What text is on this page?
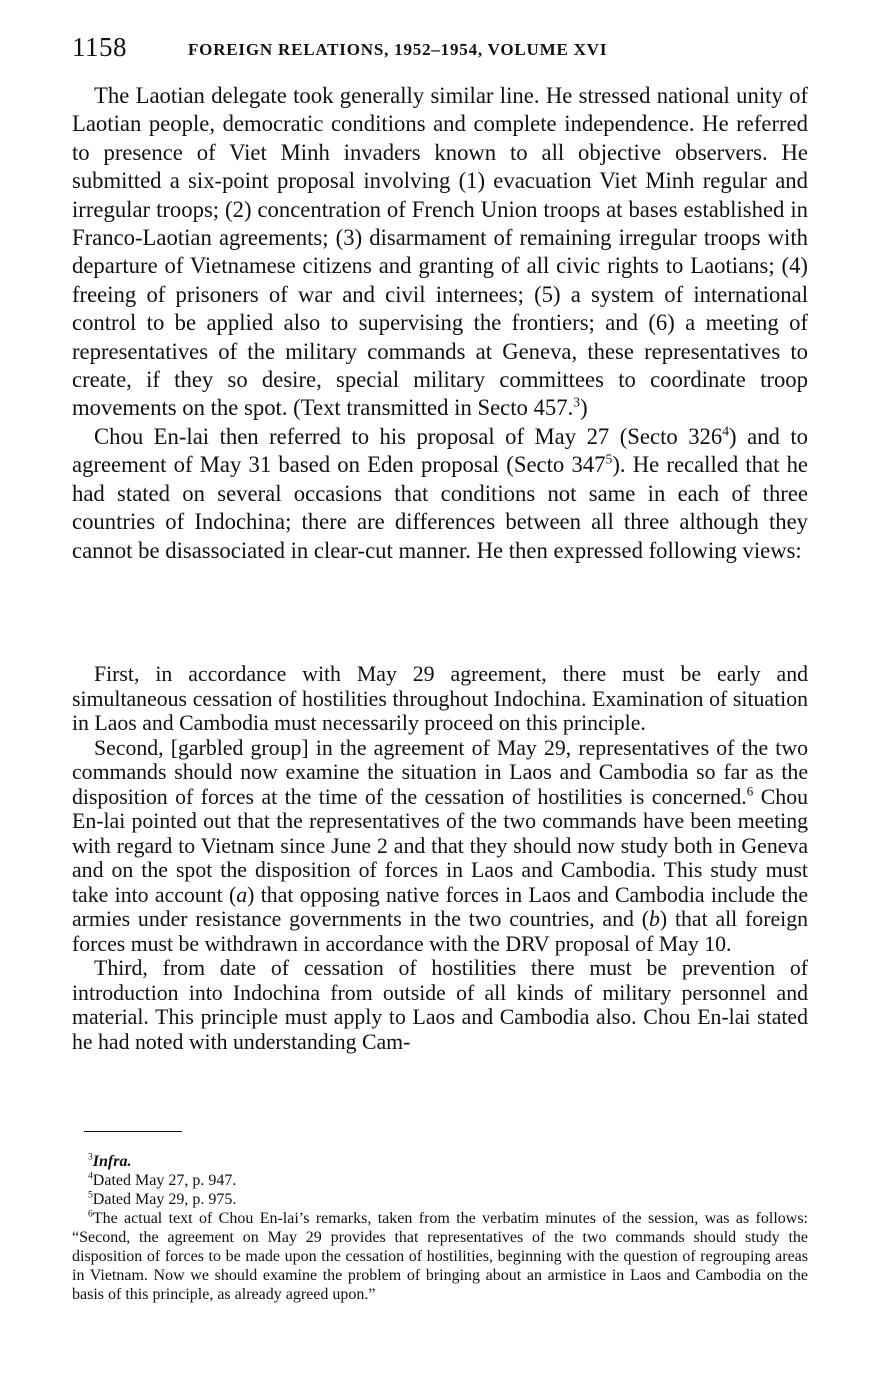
1158	FOREIGN RELATIONS, 1952–1954, VOLUME XVI

The Laotian delegate took generally similar line. He stressed national unity of Laotian people, democratic conditions and complete independence. He referred to presence of Viet Minh invaders known to all objective observers. He submitted a six-point proposal involving (1) evacuation Viet Minh regular and irregular troops; (2) concentration of French Union troops at bases established in Franco-Laotian agreements; (3) disarmament of remaining irregular troops with departure of Vietnamese citizens and granting of all civic rights to Laotians; (4) freeing of prisoners of war and civil internees; (5) a system of international control to be applied also to supervising the frontiers; and (6) a meeting of representatives of the military commands at Geneva, these representatives to create, if they so desire, special military committees to coordinate troop movements on the spot. (Text transmitted in Secto 457.$^3$)

Chou En-lai then referred to his proposal of May 27 (Secto $326^4$) and to agreement of May 31 based on Eden proposal (Secto $347^5$). He recalled that he had stated on several occasions that conditions not same in each of three countries of Indochina; there are differences between all three although they cannot be disassociated in clear-cut manner. He then expressed following views:

First, in accordance with May 29 agreement, there must be early and simultaneous cessation of hostilities throughout Indochina. Examination of situation in Laos and Cambodia must necessarily proceed on this principle.

Second, [garbled group] in the agreement of May 29, representatives of the two commands should now examine the situation in Laos and Cambodia so far as the disposition of forces at the time of the cessation of hostilities is concerned.$^6$ Chou En-lai pointed out that the representatives of the two commands have been meeting with regard to Vietnam since June 2 and that they should now study both in Geneva and on the spot the disposition of forces in Laos and Cambodia. This study must take into account (a) that opposing native forces in Laos and Cambodia include the armies under resistance governments in the two countries, and (b) that all foreign forces must be withdrawn in accordance with the DRV proposal of May 10.

Third, from date of cessation of hostilities there must be prevention of introduction into Indochina from outside of all kinds of military personnel and material. This principle must apply to Laos and Cambodia also. Chou En-lai stated he had noted with understanding Cam-

$^3$Infra.

$^4$Dated May 27, p. 947.

$^5$Dated May 29, p. 975.

$^6$The actual text of Chou En-lai’s remarks, taken from the verbatim minutes of the session, was as follows: “Second, the agreement on May 29 provides that representatives of the two commands should study the disposition of forces to be made upon the cessation of hostilities, beginning with the question of regrouping areas in Vietnam. Now we should examine the problem of bringing about an armistice in Laos and Cambodia on the basis of this principle, as already agreed upon.”
